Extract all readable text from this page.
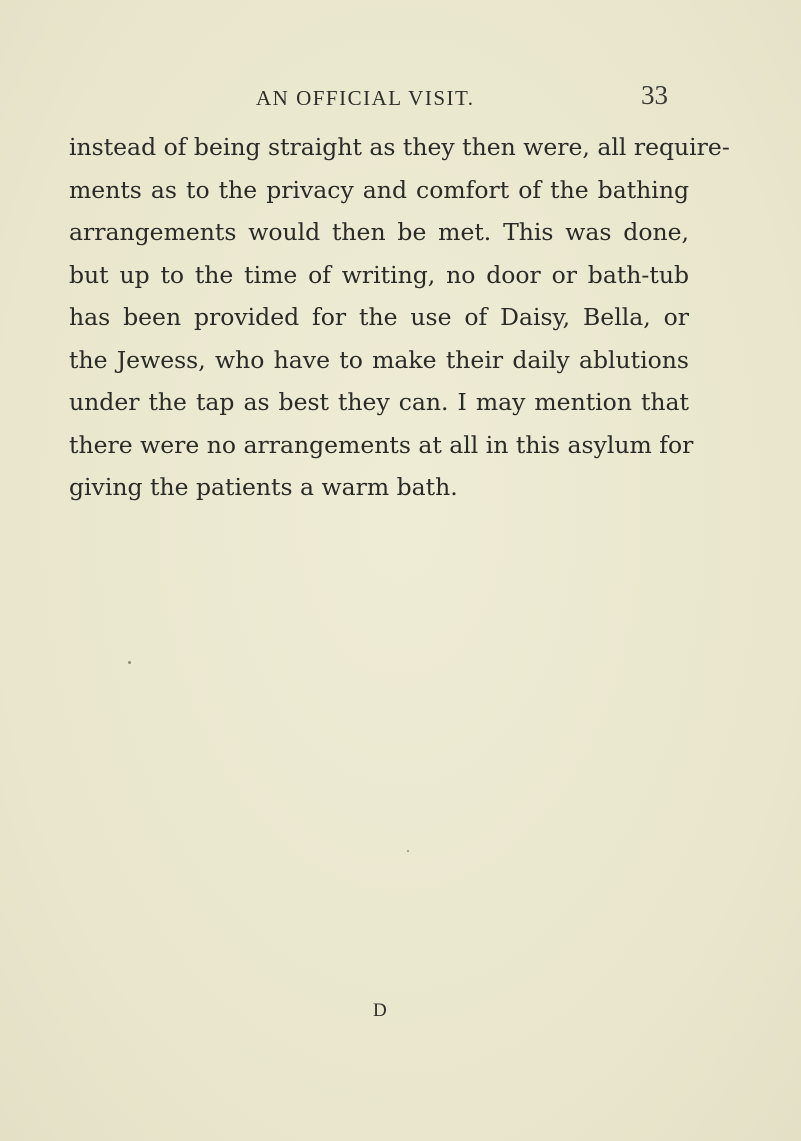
AN OFFICIAL VISIT.	33
instead of being straight as they then were, all require-
ments as to the privacy and comfort of the bathing
arrangements would then be met. This was done,
but up to the time of writing, no door or bath-tub
has been provided for the use of Daisy, Bella, or
the Jewess, who have to make their daily ablutions
under the tap as best they can. I may mention that
there were no arrangements at all in this asylum for
giving the patients a warm bath.
D
